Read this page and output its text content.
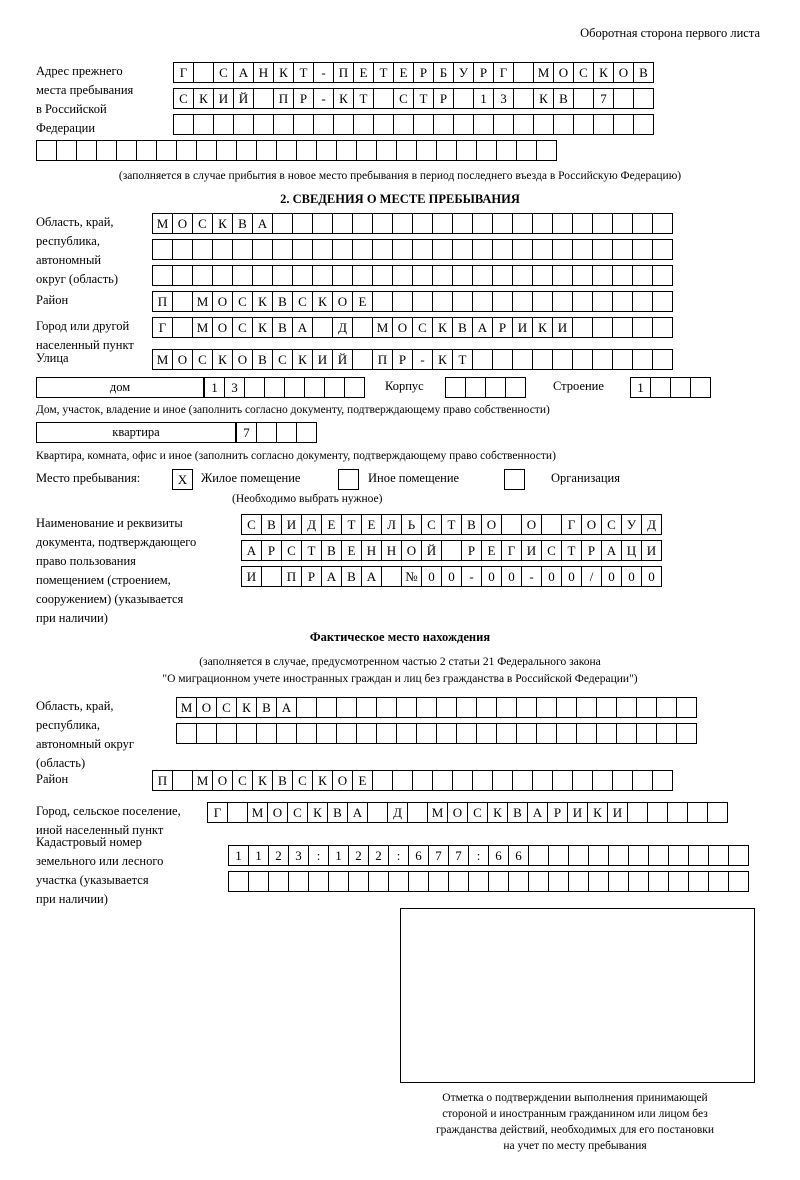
Оборотная сторона первого листа
Адрес прежнего
места пребывания
в Российской
Федерации
Г	С А Н К Т	-	П Е Т Е Р Б У Р Г	М О С К О В
С К И Й	П Р	-	К Т	С Т Р	1	3	К В	7
(заполняется в случае прибытия в новое место пребывания в период последнего въезда в Российскую Федерацию)
2. СВЕДЕНИЯ О МЕСТЕ ПРЕБЫВАНИЯ
Область, край,
республика,
автономный
округ (область)
М О С К В А
Район	П	М О С К В С К О Е
Город или другой
населенный пункт
Г	М О С К В А	Д	М О С К В А Р И К И
Улица	М О С К О В С К И Й	П Р	-	К Т
дом	1	3	Корпус	Строение	1
Дом, участок, владение и иное (заполнить согласно документу, подтверждающему право собственности)
квартира	7
Квартира, комната, офис и иное (заполнить согласно документу, подтверждающему право собственности)
Место пребывания:	X	Жилое помещение	Иное помещение	Организация
(Необходимо выбрать нужное)
Наименование и реквизиты
документа, подтверждающего
право пользования
помещением (строением,
сооружением) (указывается
при наличии)
С В И Д Е Т Е Л Ь С Т В О	О	Г О С У Д
А Р С Т В Е Н Н О Й	Р Е Г И С Т Р А Ц И
И	П Р А В А	№ 0	0	-	0	0	-	0	0	/	0	0	0
Фактическое место нахождения
(заполняется в случае, предусмотренном частью 2 статьи 21 Федерального закона
"О миграционном учете иностранных граждан и лиц без гражданства в Российской Федерации")
Область, край,
республика,
автономный округ
(область)
М О С К В А
Район	П	М О С К В С К О Е
Город, сельское поселение,
иной населенный пункт
Г	М О С К В А	Д	М О С К В А Р И К И
Кадастровый номер
земельного или лесного
участка (указывается
при наличии)
1	1	2	3	:	1	2	2	:	6	7	7	:	6	6
Отметка о подтверждении выполнения принимающей
стороной и иностранным гражданином или лицом без
гражданства действий, необходимых для его постановки
на учет по месту пребывания
